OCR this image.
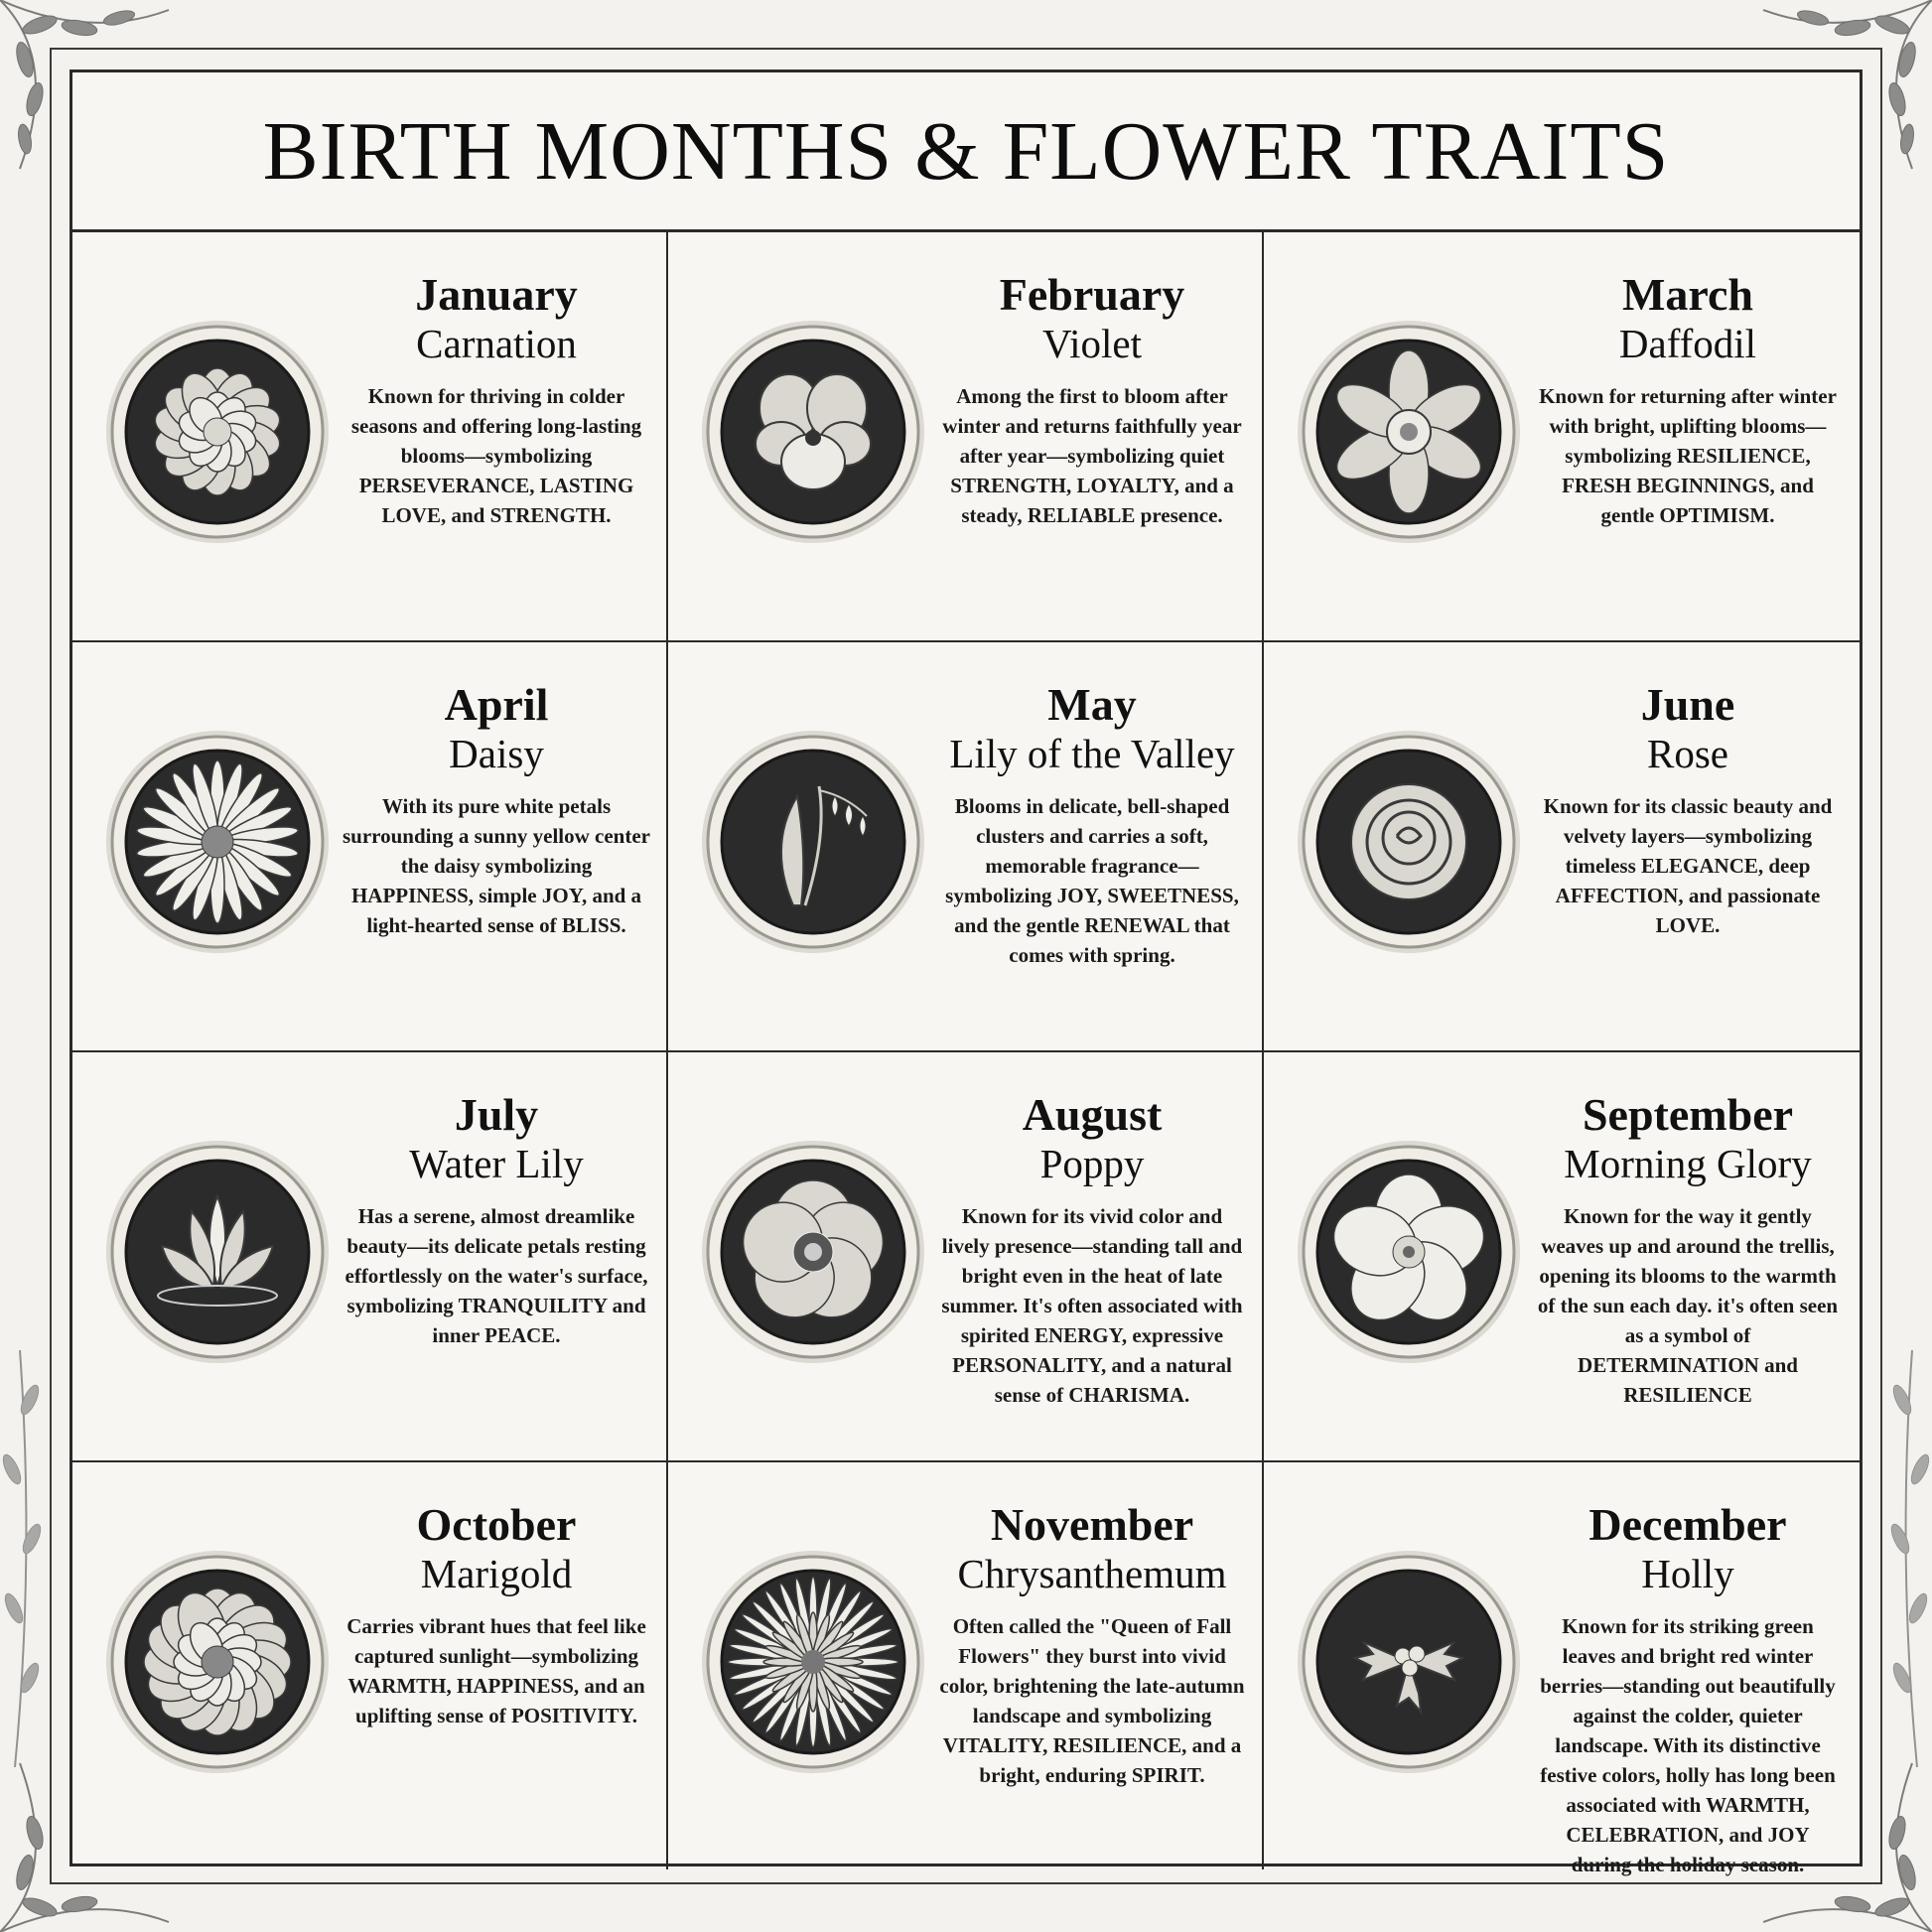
BIRTH MONTHS & FLOWER TRAITS
January
Carnation
Known for thriving in colder seasons and offering long-lasting blooms—symbolizing PERSEVERANCE, LASTING LOVE, and STRENGTH.
February
Violet
Among the first to bloom after winter and returns faithfully year after year—symbolizing quiet STRENGTH, LOYALTY, and a steady, RELIABLE presence.
March
Daffodil
Known for returning after winter with bright, uplifting blooms—symbolizing RESILIENCE, FRESH BEGINNINGS, and gentle OPTIMISM.
April
Daisy
With its pure white petals surrounding a sunny yellow center the daisy symbolizing HAPPINESS, simple JOY, and a light-hearted sense of BLISS.
May
Lily of the Valley
Blooms in delicate, bell-shaped clusters and carries a soft, memorable fragrance—symbolizing JOY, SWEETNESS, and the gentle RENEWAL that comes with spring.
June
Rose
Known for its classic beauty and velvety layers—symbolizing timeless ELEGANCE, deep AFFECTION, and passionate LOVE.
July
Water Lily
Has a serene, almost dreamlike beauty—its delicate petals resting effortlessly on the water's surface, symbolizing TRANQUILITY and inner PEACE.
August
Poppy
Known for its vivid color and lively presence—standing tall and bright even in the heat of late summer. It's often associated with spirited ENERGY, expressive PERSONALITY, and a natural sense of CHARISMA.
September
Morning Glory
Known for the way it gently weaves up and around the trellis, opening its blooms to the warmth of the sun each day. it's often seen as a symbol of DETERMINATION and RESILIENCE
October
Marigold
Carries vibrant hues that feel like captured sunlight—symbolizing WARMTH, HAPPINESS, and an uplifting sense of POSITIVITY.
November
Chrysanthemum
Often called the "Queen of Fall Flowers" they burst into vivid color, brightening the late-autumn landscape and symbolizing VITALITY, RESILIENCE, and a bright, enduring SPIRIT.
December
Holly
Known for its striking green leaves and bright red winter berries—standing out beautifully against the colder, quieter landscape. With its distinctive festive colors, holly has long been associated with WARMTH, CELEBRATION, and JOY during the holiday season.
